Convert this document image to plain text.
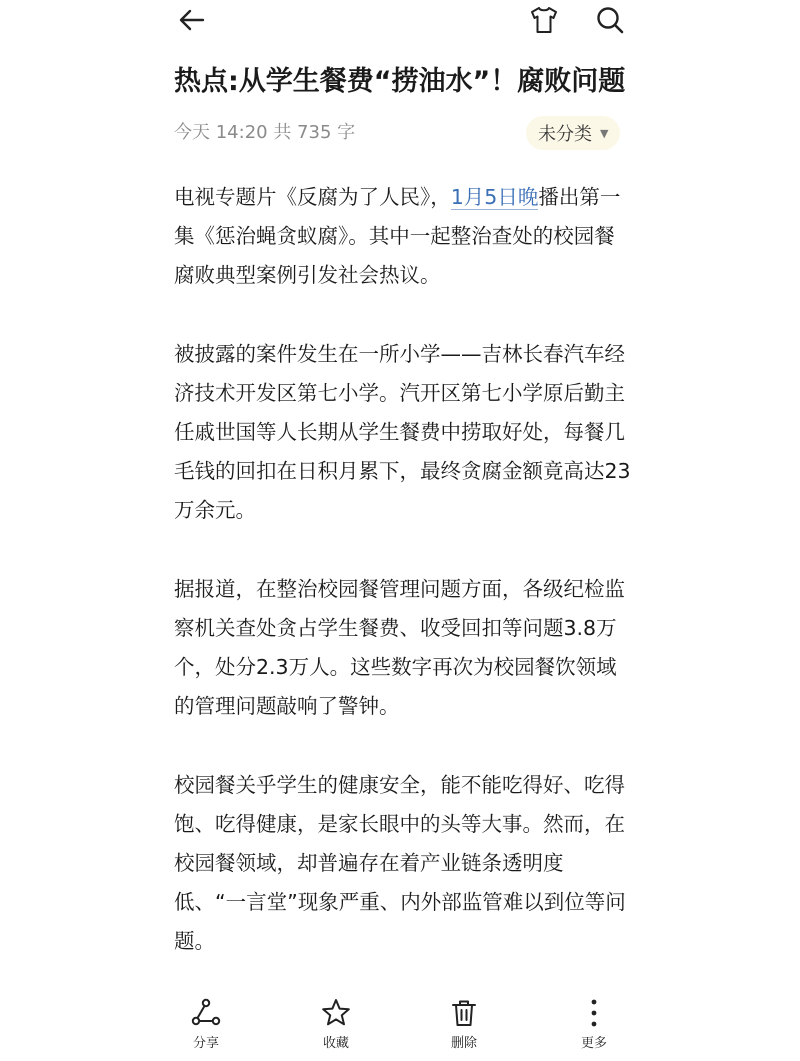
热点:从学生餐费“捞油水”！腐败问题
今天 14:20 共 735 字	未分类 ▼

电视专题片《反腐为了人民》，1月5日晚播出第一集《惩治蝇贪蚁腐》。其中一起整治查处的校园餐腐败典型案例引发社会热议。

被披露的案件发生在一所小学——吉林长春汽车经济技术开发区第七小学。汽开区第七小学原后勤主任戚世国等人长期从学生餐费中捞取好处，每餐几毛钱的回扣在日积月累下，最终贪腐金额竟高达23万余元。

据报道，在整治校园餐管理问题方面，各级纪检监察机关查处贪占学生餐费、收受回扣等问题3.8万个，处分2.3万人。这些数字再次为校园餐饮领域的管理问题敲响了警钟。

校园餐关乎学生的健康安全，能不能吃得好、吃得饱、吃得健康，是家长眼中的头等大事。然而，在校园餐领域，却普遍存在着产业链条透明度低、“一言堂”现象严重、内外部监管难以到位等问题。

分享	收藏	删除	更多
